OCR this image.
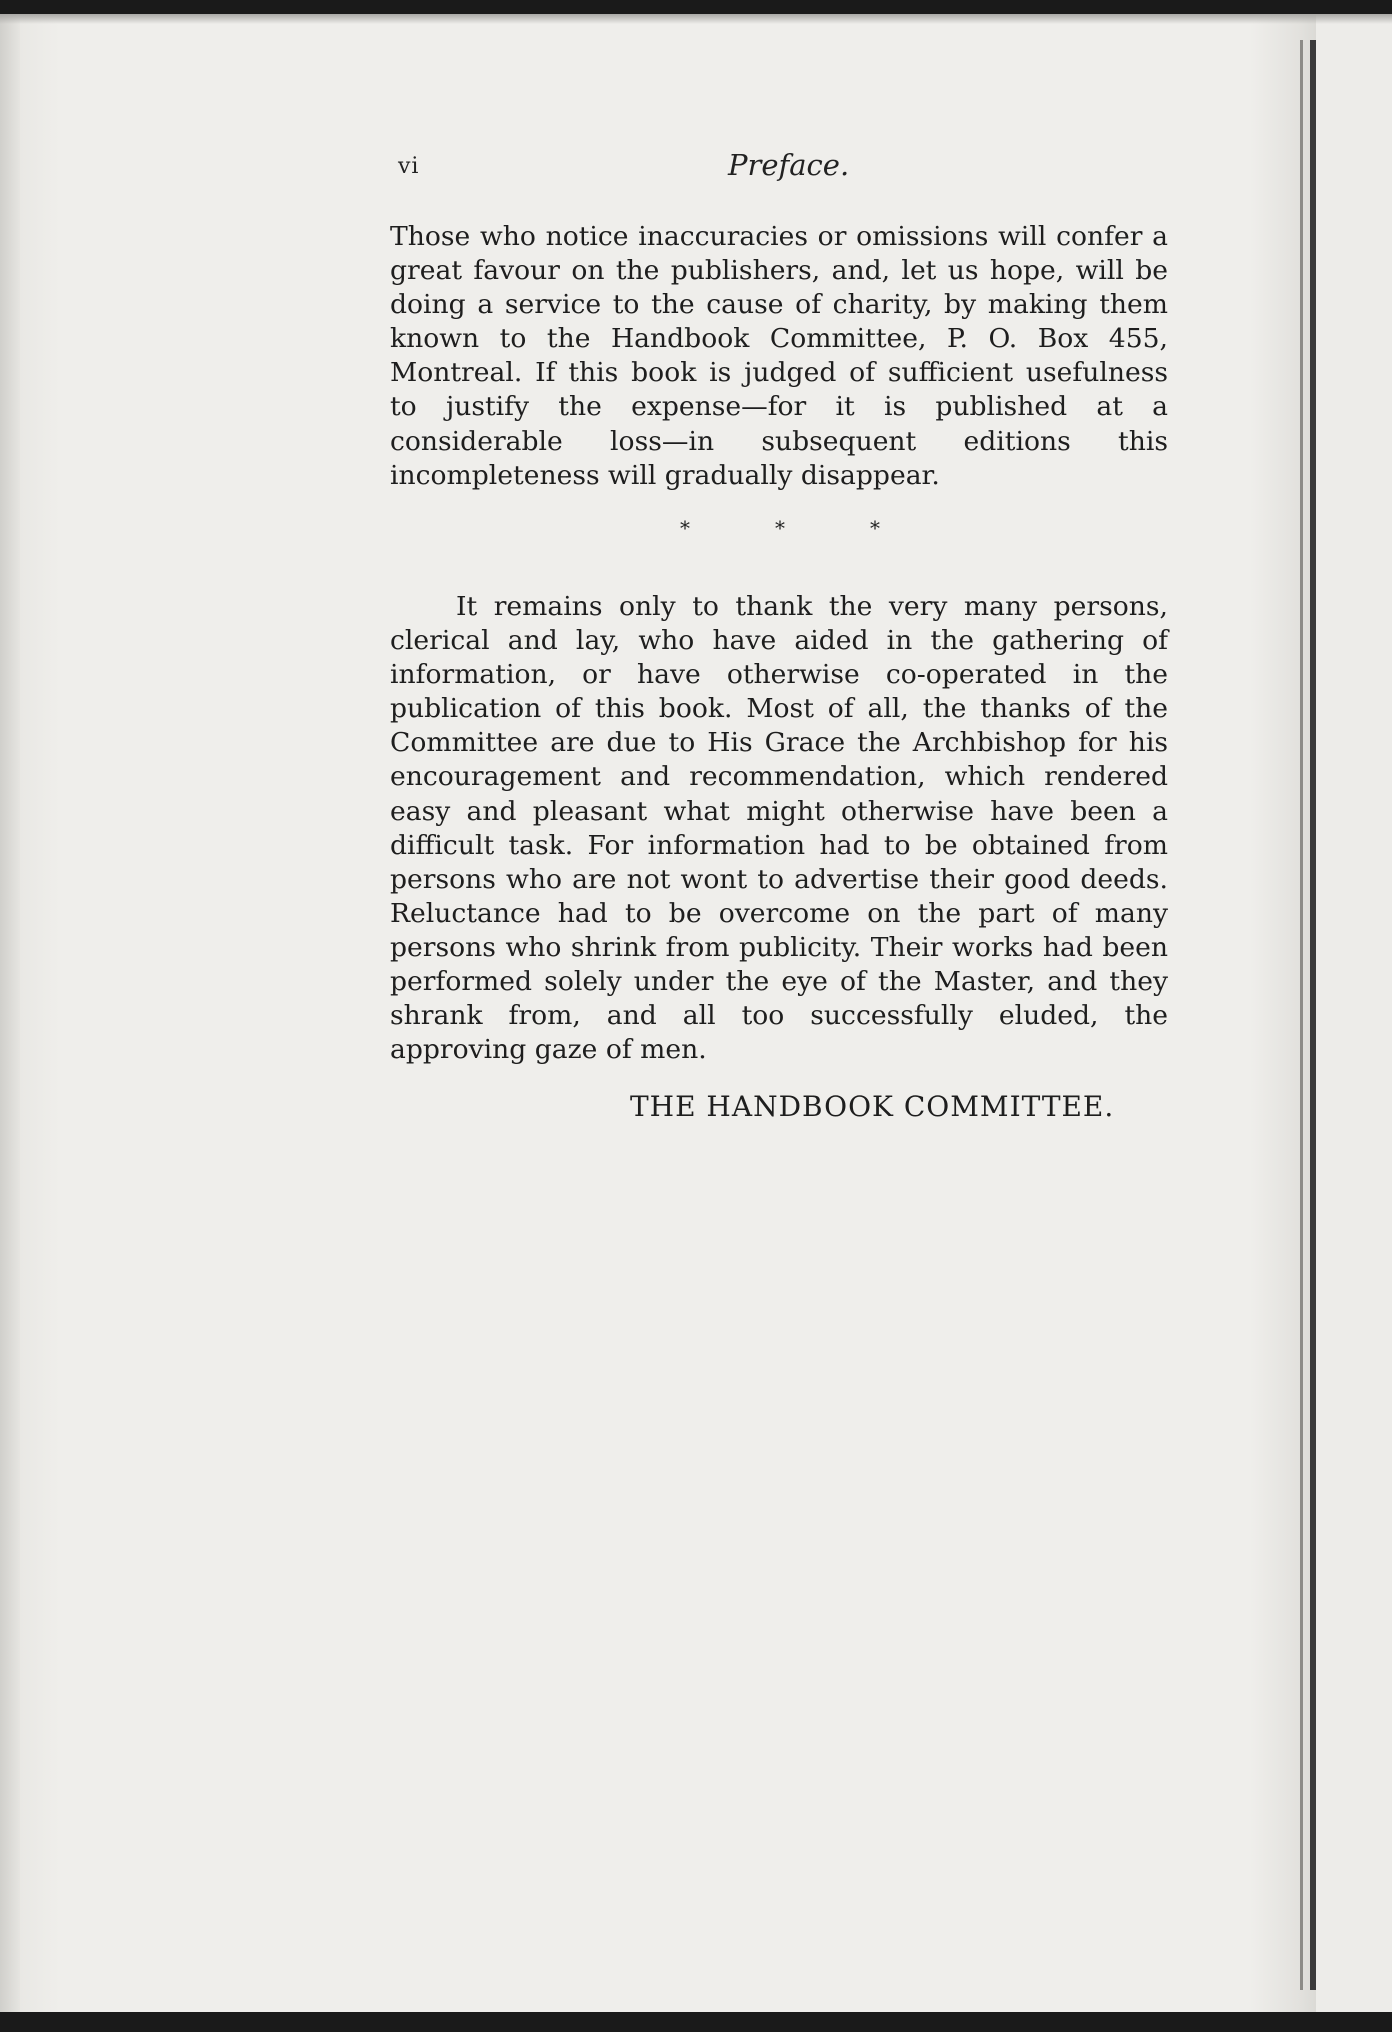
vi	Preface.

Those who notice inaccuracies or omissions will confer a great favour on the publishers, and, let us hope, will be doing a service to the cause of charity, by making them known to the Handbook Committee, P. O. Box 455, Montreal. If this book is judged of sufficient usefulness to justify the expense—for it is published at a considerable loss—in subsequent editions this incompleteness will gradually disappear.

*	*	*

It remains only to thank the very many persons, clerical and lay, who have aided in the gathering of information, or have otherwise co-operated in the publication of this book. Most of all, the thanks of the Committee are due to His Grace the Archbishop for his encouragement and recommendation, which rendered easy and pleasant what might otherwise have been a difficult task. For information had to be obtained from persons who are not wont to advertise their good deeds. Reluctance had to be overcome on the part of many persons who shrink from publicity. Their works had been performed solely under the eye of the Master, and they shrank from, and all too successfully eluded, the approving gaze of men.

THE HANDBOOK COMMITTEE.
